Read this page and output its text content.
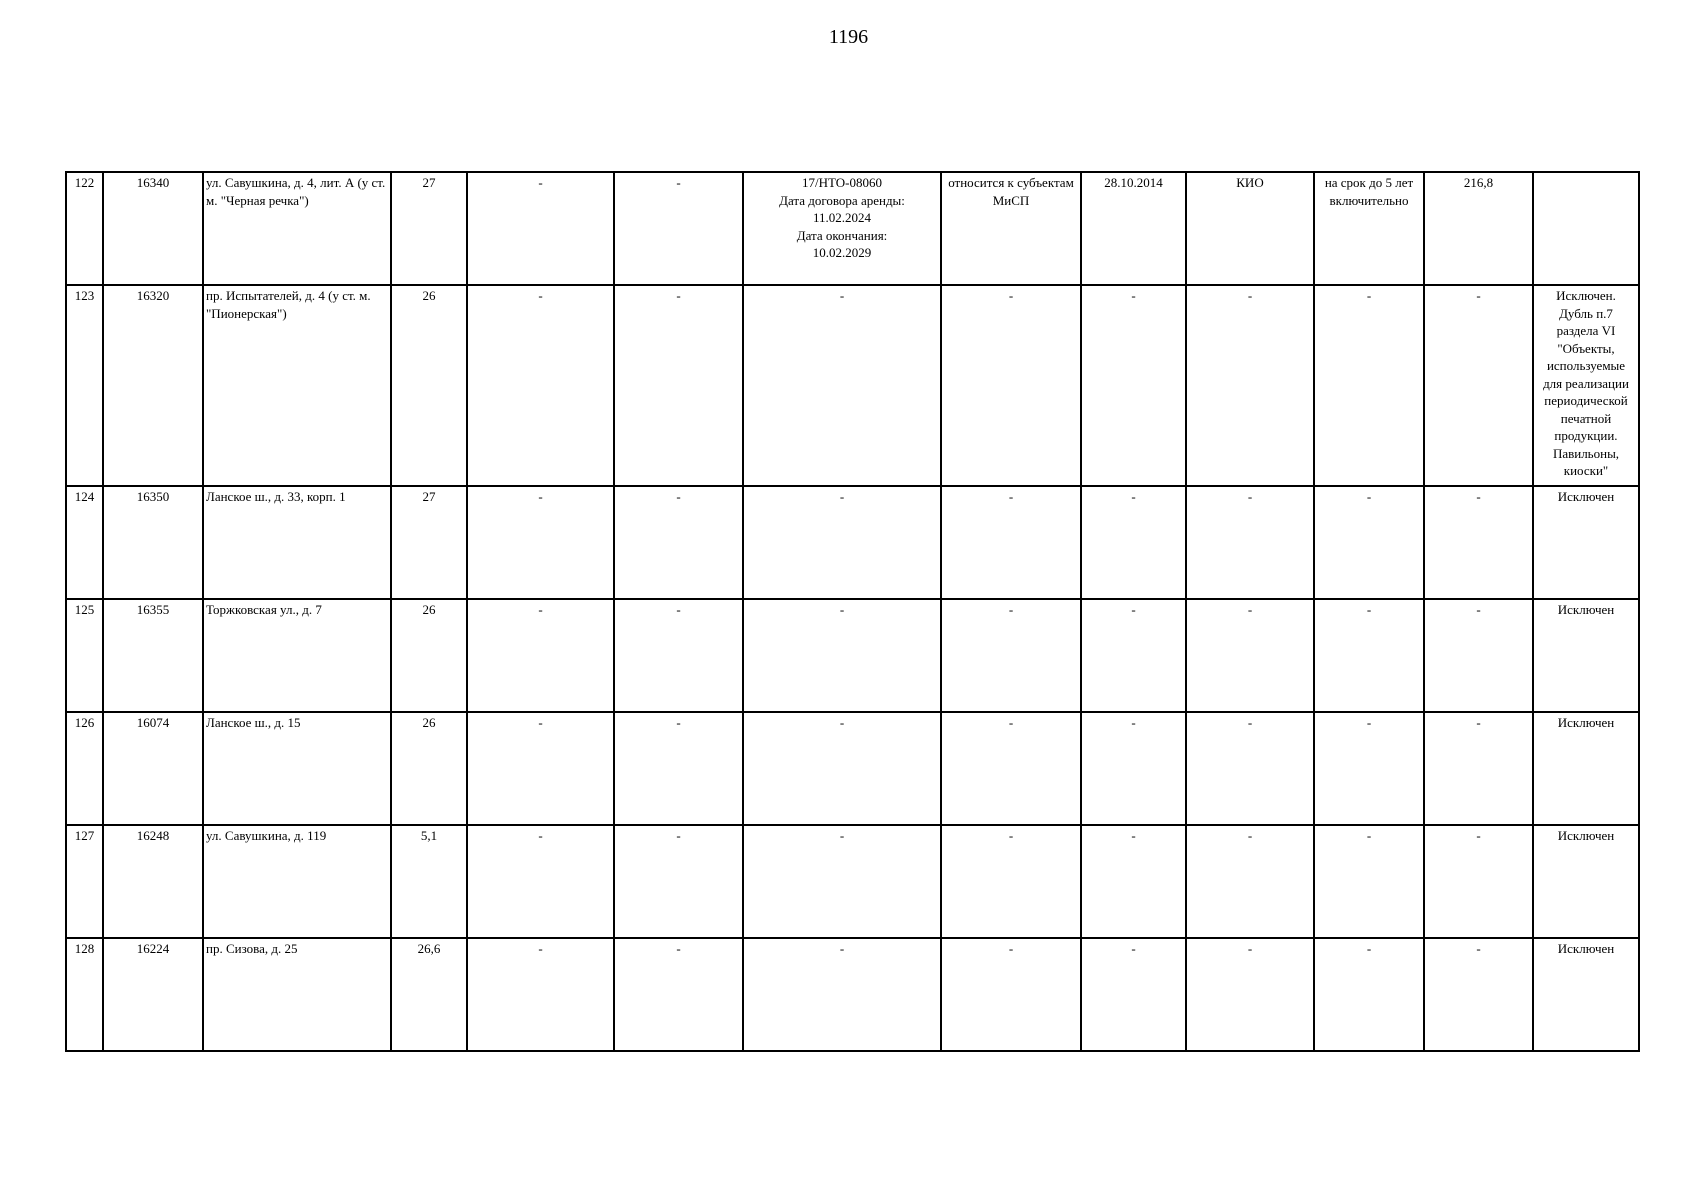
1196
122	16340	ул. Савушкина, д. 4, лит. А (у ст. м. "Черная речка")	27	-	-	17/НТО-08060
Дата договора аренды:
11.02.2024
Дата окончания:
10.02.2029	относится к субъектам МиСП	28.10.2014	КИО	на срок до 5 лет включительно	216,8	
123	16320	пр. Испытателей, д. 4 (у ст. м. "Пионерская")	26	-	-	-	-	-	-	-	-	Исключен. Дубль п.7 раздела VI "Объекты, используемые для реализации периодической печатной продукции. Павильоны, киоски"
124	16350	Ланское ш., д. 33, корп. 1	27	-	-	-	-	-	-	-	-	Исключен
125	16355	Торжковская ул., д. 7	26	-	-	-	-	-	-	-	-	Исключен
126	16074	Ланское ш., д. 15	26	-	-	-	-	-	-	-	-	Исключен
127	16248	ул. Савушкина, д. 119	5,1	-	-	-	-	-	-	-	-	Исключен
128	16224	пр. Сизова, д. 25	26,6	-	-	-	-	-	-	-	-	Исключен
